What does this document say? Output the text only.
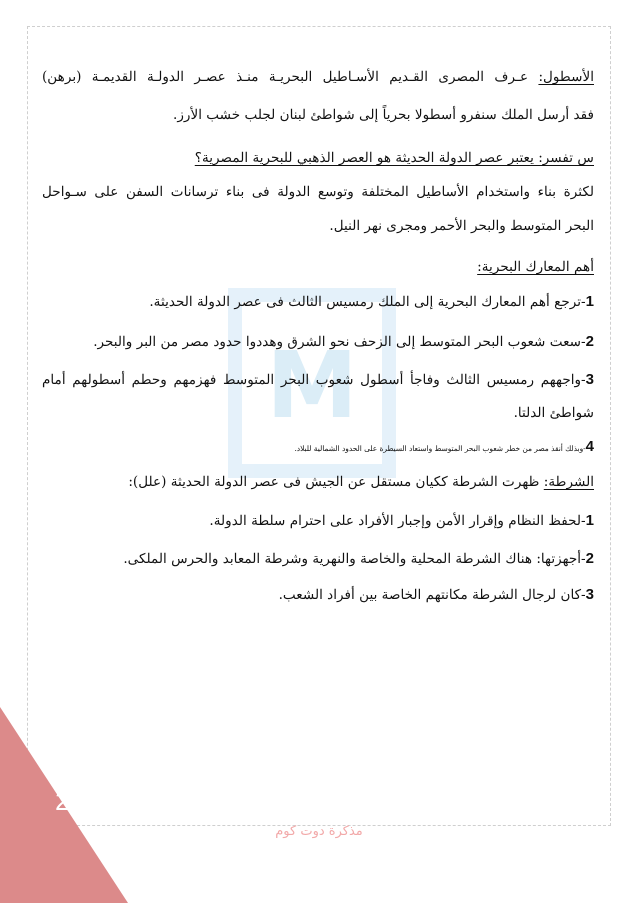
M
الأسطول: عـرف المصرى القـديم الأسـاطيل البحريـة منـذ عصـر الدولـة القديمـة (برهن)
فقد أرسل الملك سنفرو أسطولا بحرياً إلى شواطئ لبنان لجلب خشب الأرز.
س تفسر: يعتبر عصر الدولة الحديثة هو العصر الذهبي للبحرية المصرية؟
لكثرة بناء واستخدام الأساطيل المختلفة وتوسع الدولة فى بناء ترسانات السفن على سـواحل
البحر المتوسط والبحر الأحمر ومجرى نهر النيل.
أهم المعارك البحرية:
1-ترجع أهم المعارك البحرية إلى الملك رمسيس الثالث فى عصر الدولة الحديثة.
2-سعت شعوب البحر المتوسط إلى الزحف نحو الشرق وهددوا حدود مصر من البر والبحر.
3-واجههم رمسيس الثالث وفاجأ أسطول شعوب البحر المتوسط فهزمهم وحطم أسطولهم أمام
شواطئ الدلتا.
4-وبذلك أنقذ مصر من خطر شعوب البحر المتوسط واستعاد السيطرة على الحدود الشمالية للبلاد.
الشرطة: ظهرت الشرطة ككيان مستقل عن الجيش فى عصر الدولة الحديثة (علل):
1-لحفظ النظام وإقرار الأمن وإجبار الأفراد على احترام سلطة الدولة.
2-أجهزتها: هناك الشرطة المحلية والخاصة والنهرية وشرطة المعابد والحرس الملكى.
3-كان لرجال الشرطة مكانتهم الخاصة بين أفراد الشعب.
28
مذكرة دوت كوم
